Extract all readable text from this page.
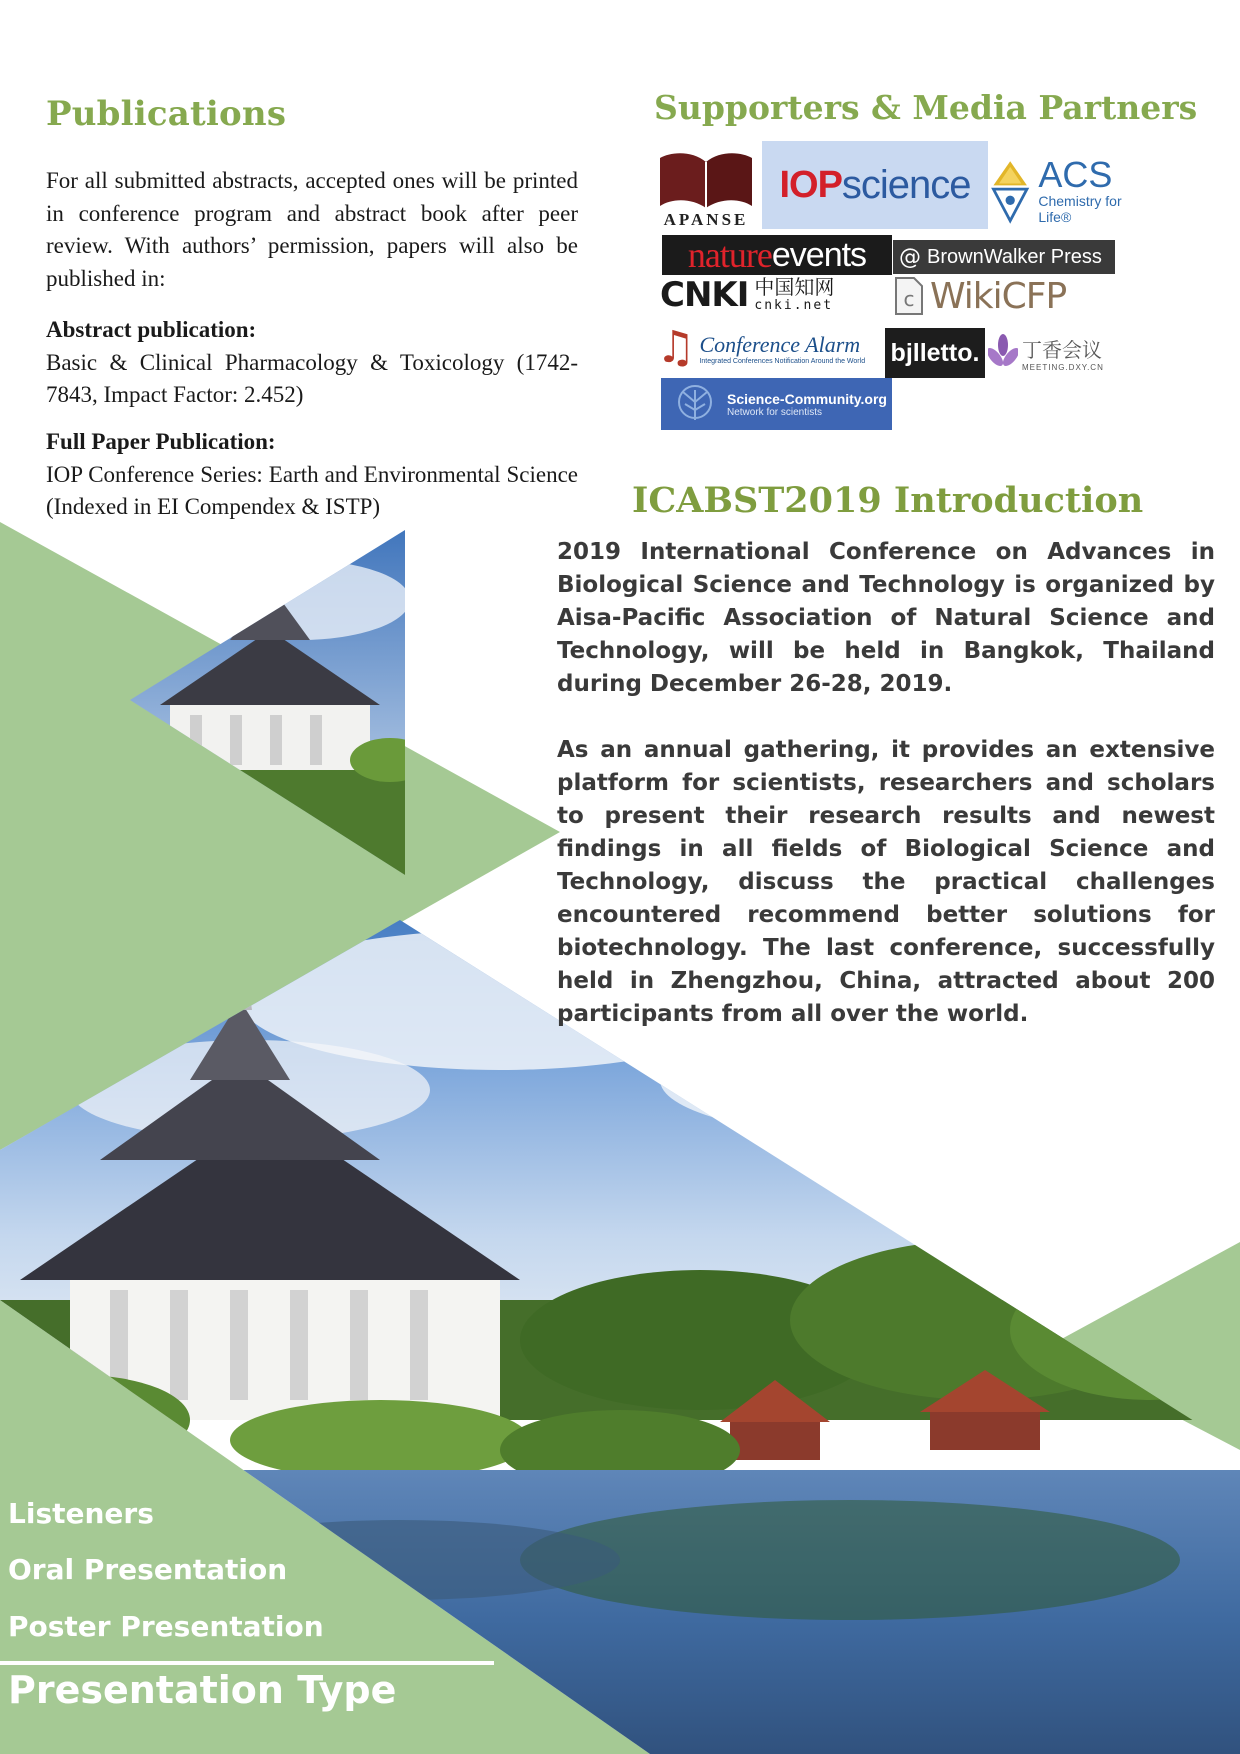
Publications
For all submitted abstracts, accepted ones will be printed in conference program and abstract book after peer review. With authors’ permission, papers will also be published in:
Abstract publication:
Basic & Clinical Pharmacology & Toxicology (1742-7843, Impact Factor: 2.452)
Full Paper Publication:
IOP Conference Series: Earth and Environmental Science (Indexed in EI Compendex & ISTP)
Supporters & Media Partners
APANSE
IOP science ACS
Chemistry for Life®
nature events @ BrownWalker Press
CNKI 中国知网
cnki.net	c WikiCFP
♫ Conference Alarm
Integrated Conferences Notification Around the World bjlletto. 丁香会议
MEETING.DXY.CN
Science-Community.org
Network for scientists
ICABST2019 Introduction
2019 International Conference on Advances in Biological Science and Technology is organized by Aisa-Pacific Association of Natural Science and Technology, will be held in Bangkok, Thailand during December 26-28, 2019.
As an annual gathering, it provides an extensive platform for scientists, researchers and scholars to present their research results and newest findings in all fields of Biological Science and Technology, discuss the practical challenges encountered recommend better solutions for biotechnology. The last conference, successfully held in Zhengzhou, China, attracted about 200 participants from all over the world.
Listeners
Oral Presentation
Poster Presentation
Presentation Type
